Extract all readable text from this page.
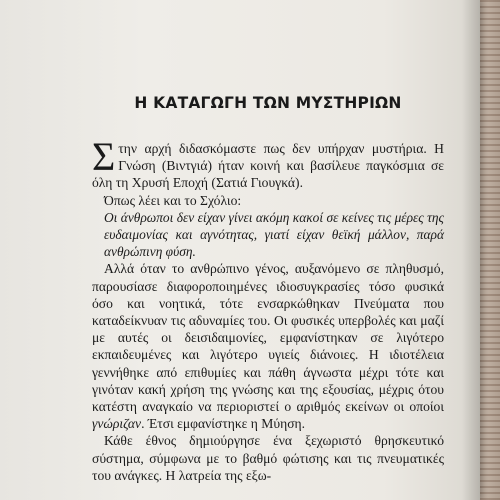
Η ΚΑΤΑΓΩΓΗ ΤΩΝ ΜΥΣΤΗΡΙΩΝ

Στην αρχή διδασκόμαστε πως δεν υπήρχαν μυστήρια. Η Γνώση (Βιντγιά) ήταν κοινή και βασίλευε παγκόσμια σε όλη τη Χρυσή Εποχή (Σατιά Γιουγκά).

Όπως λέει και το Σχόλιο:

Οι άνθρωποι δεν είχαν γίνει ακόμη κακοί σε κείνες τις μέρες της ευδαιμονίας και αγνότητας, γιατί είχαν θεϊκή μάλλον, παρά ανθρώπινη φύση.

Αλλά όταν το ανθρώπινο γένος, αυξανόμενο σε πληθυσμό, παρουσίασε διαφοροποιημένες ιδιοσυγκρασίες τόσο φυσικά όσο και νοητικά, τότε ενσαρκώθηκαν Πνεύματα που καταδείκνυαν τις αδυναμίες του. Οι φυσικές υπερβολές και μαζί με αυτές οι δεισιδαιμονίες, εμφανίστηκαν σε λιγότερο εκπαιδευμένες και λιγότερο υγιείς διάνοιες. Η ιδιοτέλεια γεννήθηκε από επιθυμίες και πάθη άγνωστα μέχρι τότε και γινόταν κακή χρήση της γνώσης και της εξουσίας, μέχρις ότου κατέστη αναγκαίο να περιοριστεί ο αριθμός εκείνων οι οποίοι γνώριζαν. Έτσι εμφανίστηκε η Μύηση.

Κάθε έθνος δημιούργησε ένα ξεχωριστό θρησκευτικό σύστημα, σύμφωνα με το βαθμό φώτισης και τις πνευματικές του ανάγκες. Η λατρεία της εξω-
